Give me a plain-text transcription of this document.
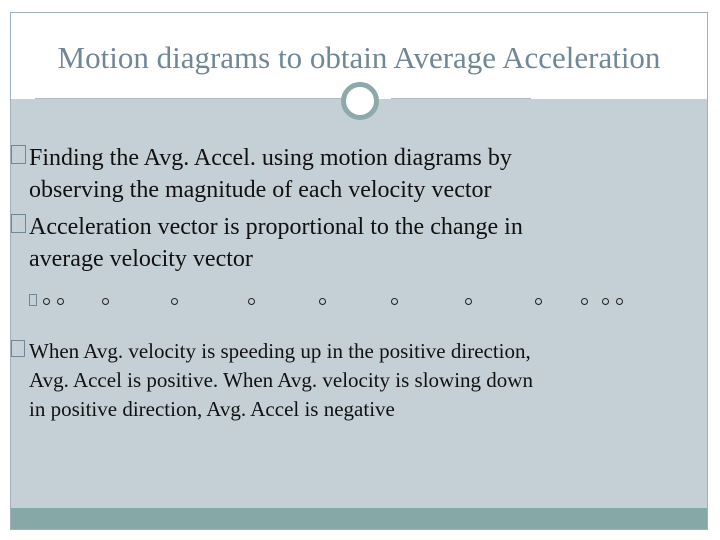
Motion diagrams to obtain Average Acceleration
Finding the Avg. Accel. using motion diagrams by
observing the magnitude of each velocity vector
Acceleration vector is proportional to the change in
average velocity vector
When Avg. velocity is speeding up in the positive direction,
Avg. Accel is positive. When Avg. velocity is slowing down
in positive direction, Avg. Accel is negative
